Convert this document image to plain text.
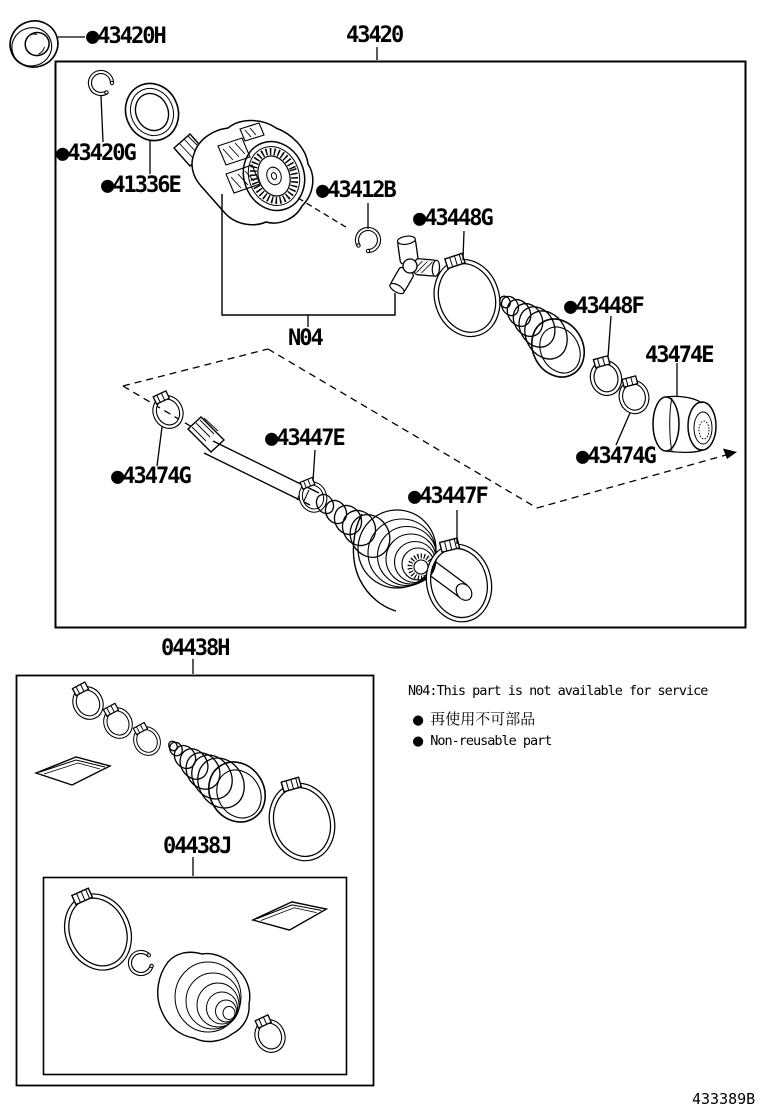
●43420H	43420
●43420G
●41336E	●43412B
●43448G
●43448F
43474E
●43474G
N04
●43447E
●43474G
●43447F
04438H
04438J
N04:This part is not available for service
● 再使用不可部品
● Non-reusable part
433389B
